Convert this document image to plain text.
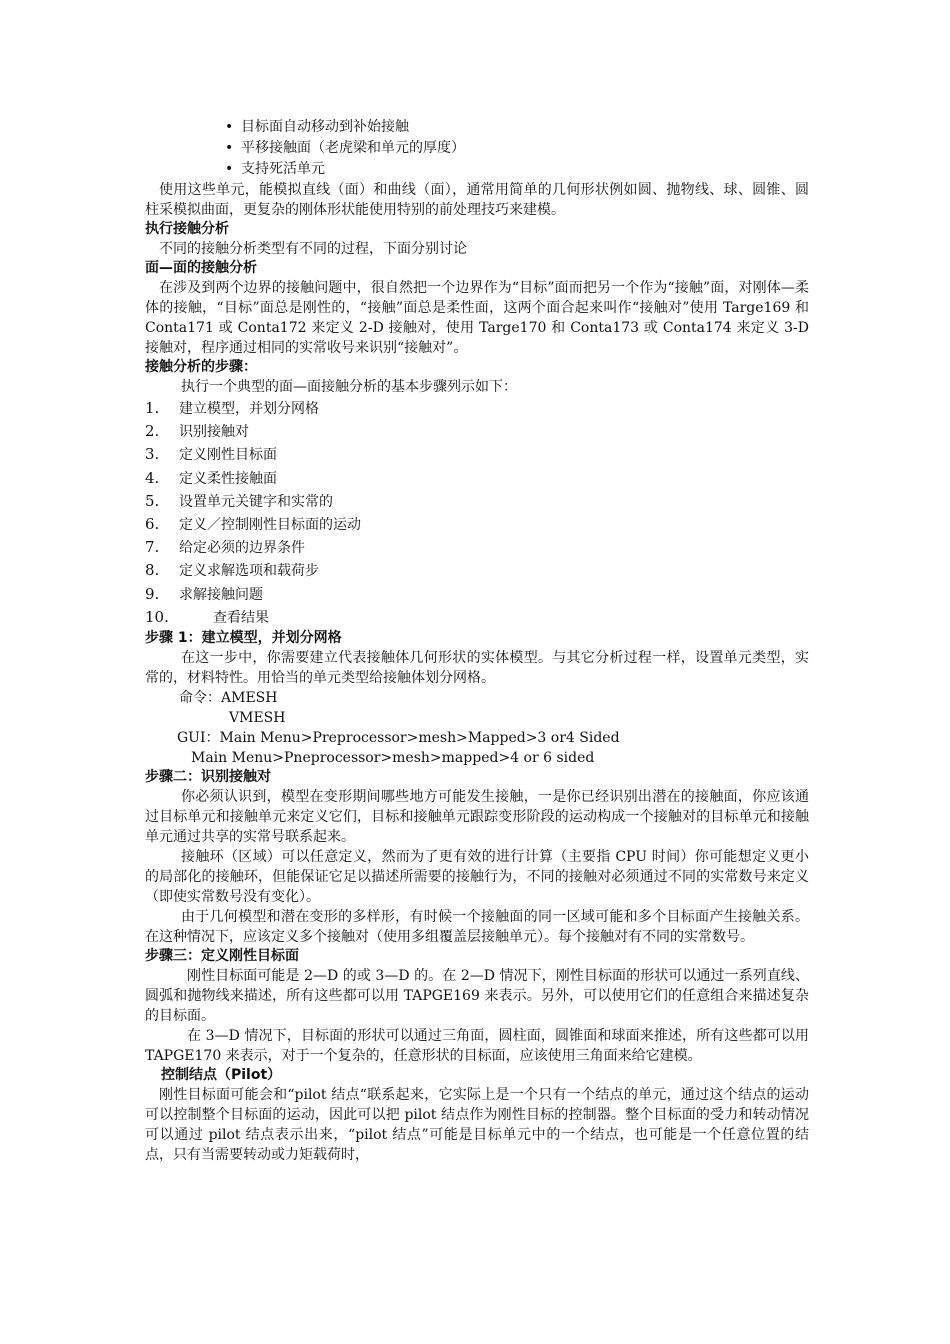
• 目标面自动移动到补始接触
• 平移接触面（老虎梁和单元的厚度）
• 支持死活单元

使用这些单元，能模拟直线（面）和曲线（面），通常用简单的几何形状例如圆、抛物线、球、圆锥、圆柱采模拟曲面，更复杂的刚体形状能使用特别的前处理技巧来建模。

执行接触分析

不同的接触分析类型有不同的过程，下面分别讨论

面—面的接触分析

在涉及到两个边界的接触问题中，很自然把一个边界作为“目标”面而把另一个作为“接触”面，对刚体—柔体的接触，“目标”面总是刚性的，“接触”面总是柔性面，这两个面合起来叫作“接触对”使用 Targe169 和 Conta171 或 Conta172 来定义 2-D 接触对，使用 Targe170 和 Conta173 或 Conta174 来定义 3-D 接触对，程序通过相同的实常收号来识别“接触对”。

接触分析的步骤：

执行一个典型的面—面接触分析的基本步骤列示如下：

1. 建立模型，并划分网格
2. 识别接触对
3. 定义刚性目标面
4. 定义柔性接触面
5. 设置单元关键字和实常的
6. 定义／控制刚性目标面的运动
7. 给定必须的边界条件
8. 定义求解选项和载荷步
9. 求解接触问题
10.	查看结果
步骤 1：建立模型，并划分网格

在这一步中，你需要建立代表接触体几何形状的实体模型。与其它分析过程一样，设置单元类型，实常的，材料特性。用恰当的单元类型给接触体划分网格。

命令：AMESH
VMESH
GUI：Main Menu>Preprocessor>mesh>Mapped>3 or4 Sided
Main Menu>Pneprocessor>mesh>mapped>4 or 6 sided
步骤二：识别接触对

你必须认识到，模型在变形期间哪些地方可能发生接触，一是你已经识别出潜在的接触面，你应该通过目标单元和接触单元来定义它们，目标和接触单元跟踪变形阶段的运动构成一个接触对的目标单元和接触单元通过共享的实常号联系起来。

接触环（区域）可以任意定义，然而为了更有效的进行计算（主要指 CPU 时间）你可能想定义更小的局部化的接触环，但能保证它足以描述所需要的接触行为，不同的接触对必须通过不同的实常数号来定义（即使实常数号没有变化）。

由于几何模型和潜在变形的多样形，有时候一个接触面的同一区域可能和多个目标面产生接触关系。在这种情况下，应该定义多个接触对（使用多组覆盖层接触单元）。每个接触对有不同的实常数号。

步骤三：定义刚性目标面

刚性目标面可能是 2—D 的或 3—D 的。在 2—D 情况下，刚性目标面的形状可以通过一系列直线、圆弧和抛物线来描述，所有这些都可以用 TAPGE169 来表示。另外，可以使用它们的任意组合来描述复杂的目标面。

在 3—D 情况下，目标面的形状可以通过三角面，圆柱面，圆锥面和球面来推述，所有这些都可以用 TAPGE170 来表示，对于一个复杂的，任意形状的目标面，应该使用三角面来给它建模。

控制结点（Pilot）

刚性目标面可能会和“pilot 结点“联系起来，它实际上是一个只有一个结点的单元，通过这个结点的运动可以控制整个目标面的运动，因此可以把 pilot 结点作为刚性目标的控制器。整个目标面的受力和转动情况可以通过 pilot 结点表示出来，“pilot 结点”可能是目标单元中的一个结点，也可能是一个任意位置的结点，只有当需要转动或力矩载荷时，
